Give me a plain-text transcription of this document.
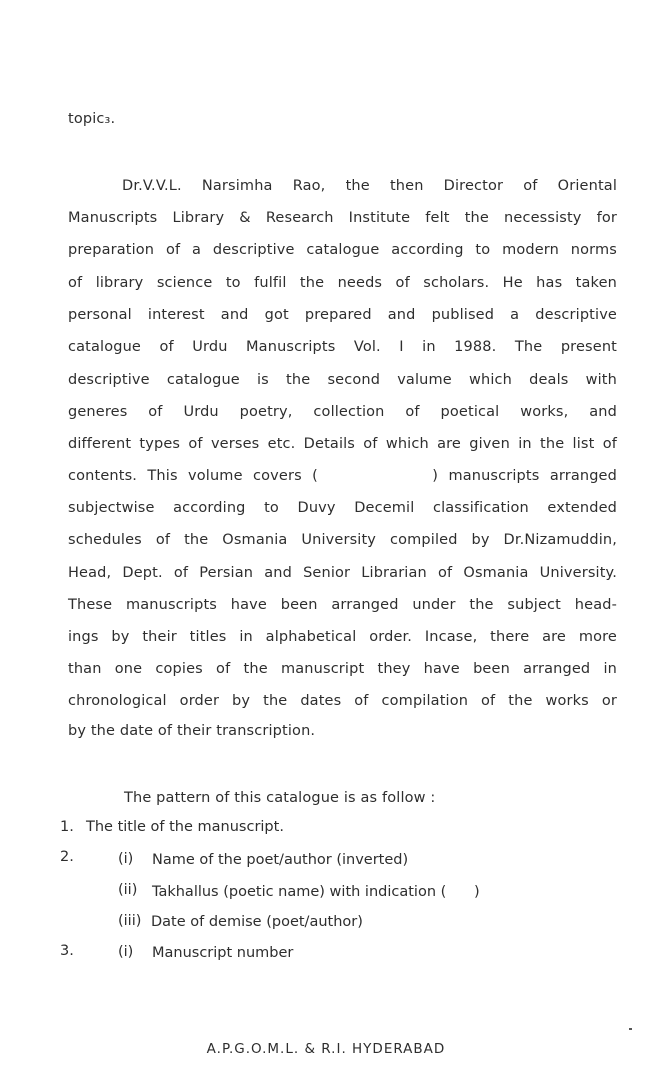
topic₃.
Dr.V.V.L. Narsimha Rao, the then Director of Oriental
Manuscripts Library & Research Institute felt the necessisty for
preparation of a descriptive catalogue according to modern norms
of library science to fulfil the needs of scholars. He has taken
personal interest and got prepared and publised a descriptive
catalogue of Urdu Manuscripts Vol. I in 1988. The present
descriptive catalogue is the second valume which deals with
generes of Urdu poetry, collection of poetical works, and
different types of verses etc. Details of which are given in the list of
contents. This volume covers (           ) manuscripts arranged
subjectwise according to Duvy Decemil classification extended
schedules of the Osmania University compiled by Dr.Nizamuddin,
Head, Dept. of Persian and Senior Librarian of Osmania University.
These manuscripts have been arranged under the subject head-
ings by their titles in alphabetical order. Incase, there are more
than one copies of the manuscript they have been arranged in
chronological order by the dates of compilation of the works or
by the date of their transcription.
The pattern of this catalogue is as follow :
1. The title of the manuscript.
2.	(i) Name of the poet/author (inverted)
(ii) Takhallus (poetic name) with indication (      )
(iii) Date of demise (poet/author)
3.	(i) Manuscript number
A.P.G.O.M.L. & R.I. HYDERABAD
